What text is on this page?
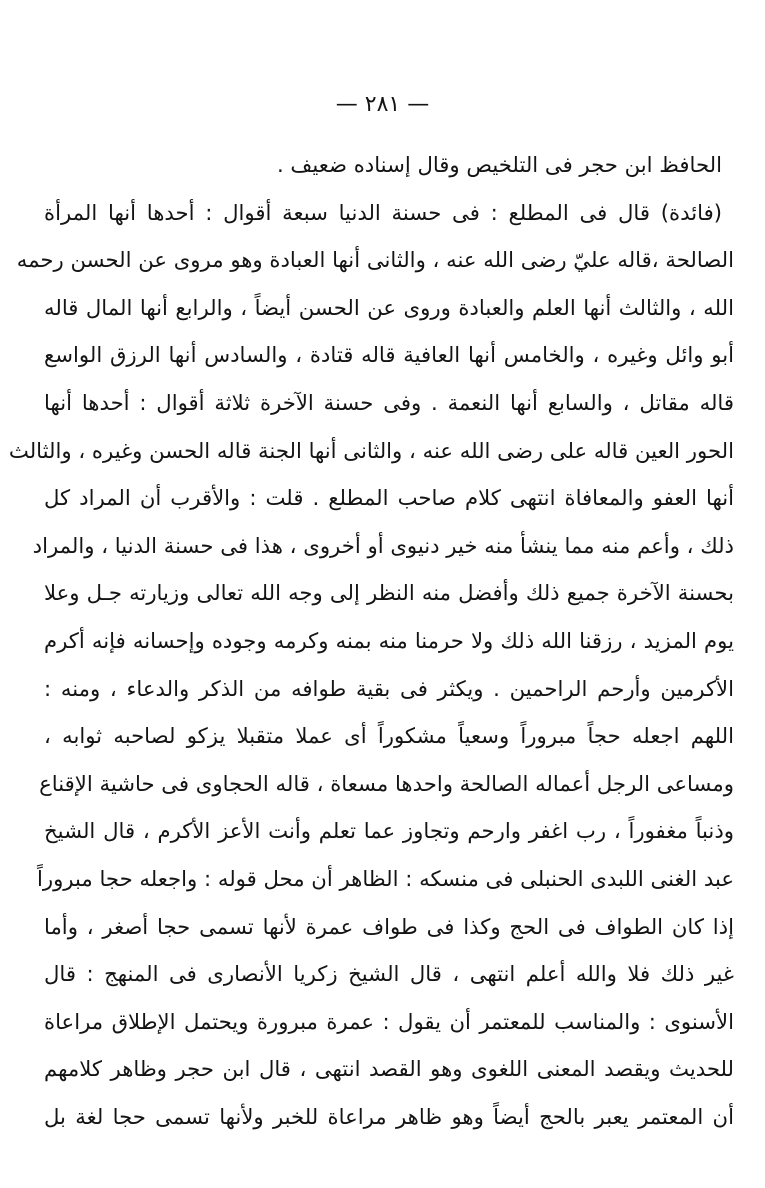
— ٢٨١ —
الحافظ ابن حجر فى التلخيص وقال إسناده ضعيف .
(فائدة) قال فى المطلع : فى حسنة الدنيا سبعة أقوال : أحدها أنها المرأة
الصالحة ،قاله عليّ رضى الله عنه ، والثانى أنها العبادة وهو مروى عن الحسن رحمه
الله ، والثالث أنها العلم والعبادة وروى عن الحسن أيضاً ، والرابع أنها المال قاله
أبو وائل وغيره ، والخامس أنها العافية قاله قتادة ، والسادس أنها الرزق الواسع
قاله مقاتل ، والسابع أنها النعمة . وفى حسنة الآخرة ثلاثة أقوال : أحدها أنها
الحور العين قاله على رضى الله عنه ، والثانى أنها الجنة قاله الحسن وغيره ، والثالث
أنها العفو والمعافاة انتهى كلام صاحب المطلع . قلت : والأقرب أن المراد كل
ذلك ، وأعم منه مما ينشأ منه خير دنيوى أو أخروى ، هذا فى حسنة الدنيا ، والمراد
بحسنة الآخرة جميع ذلك وأفضل منه النظر إلى وجه الله تعالى وزيارته جـل وعلا
يوم المزيد ، رزقنا الله ذلك ولا حرمنا منه بمنه وكرمه وجوده وإحسانه فإنه أكرم
الأكرمين وأرحم الراحمين . ويكثر فى بقية طوافه من الذكر والدعاء ، ومنه :
اللهم اجعله حجاً مبروراً وسعياً مشكوراً أى عملا متقبلا يزكو لصاحبه ثوابه ،
ومساعى الرجل أعماله الصالحة واحدها مسعاة ، قاله الحجاوى فى حاشية الإقناع
وذنباً مغفوراً ، رب اغفر وارحم وتجاوز عما تعلم وأنت الأعز الأكرم ، قال الشيخ
عبد الغنى اللبدى الحنبلى فى منسكه : الظاهر أن محل قوله : واجعله حجا مبروراً
إذا كان الطواف فى الحج وكذا فى طواف عمرة لأنها تسمى حجا أصغر ، وأما
غير ذلك فلا والله أعلم انتهى ، قال الشيخ زكريا الأنصارى فى المنهج : قال
الأسنوى : والمناسب للمعتمر أن يقول : عمرة مبرورة ويحتمل الإطلاق مراعاة
للحديث ويقصد المعنى اللغوى وهو القصد انتهى ، قال ابن حجر وظاهر كلامهم
أن المعتمر يعبر بالحج أيضاً وهو ظاهر مراعاة للخبر ولأنها تسمى حجا لغة بل
